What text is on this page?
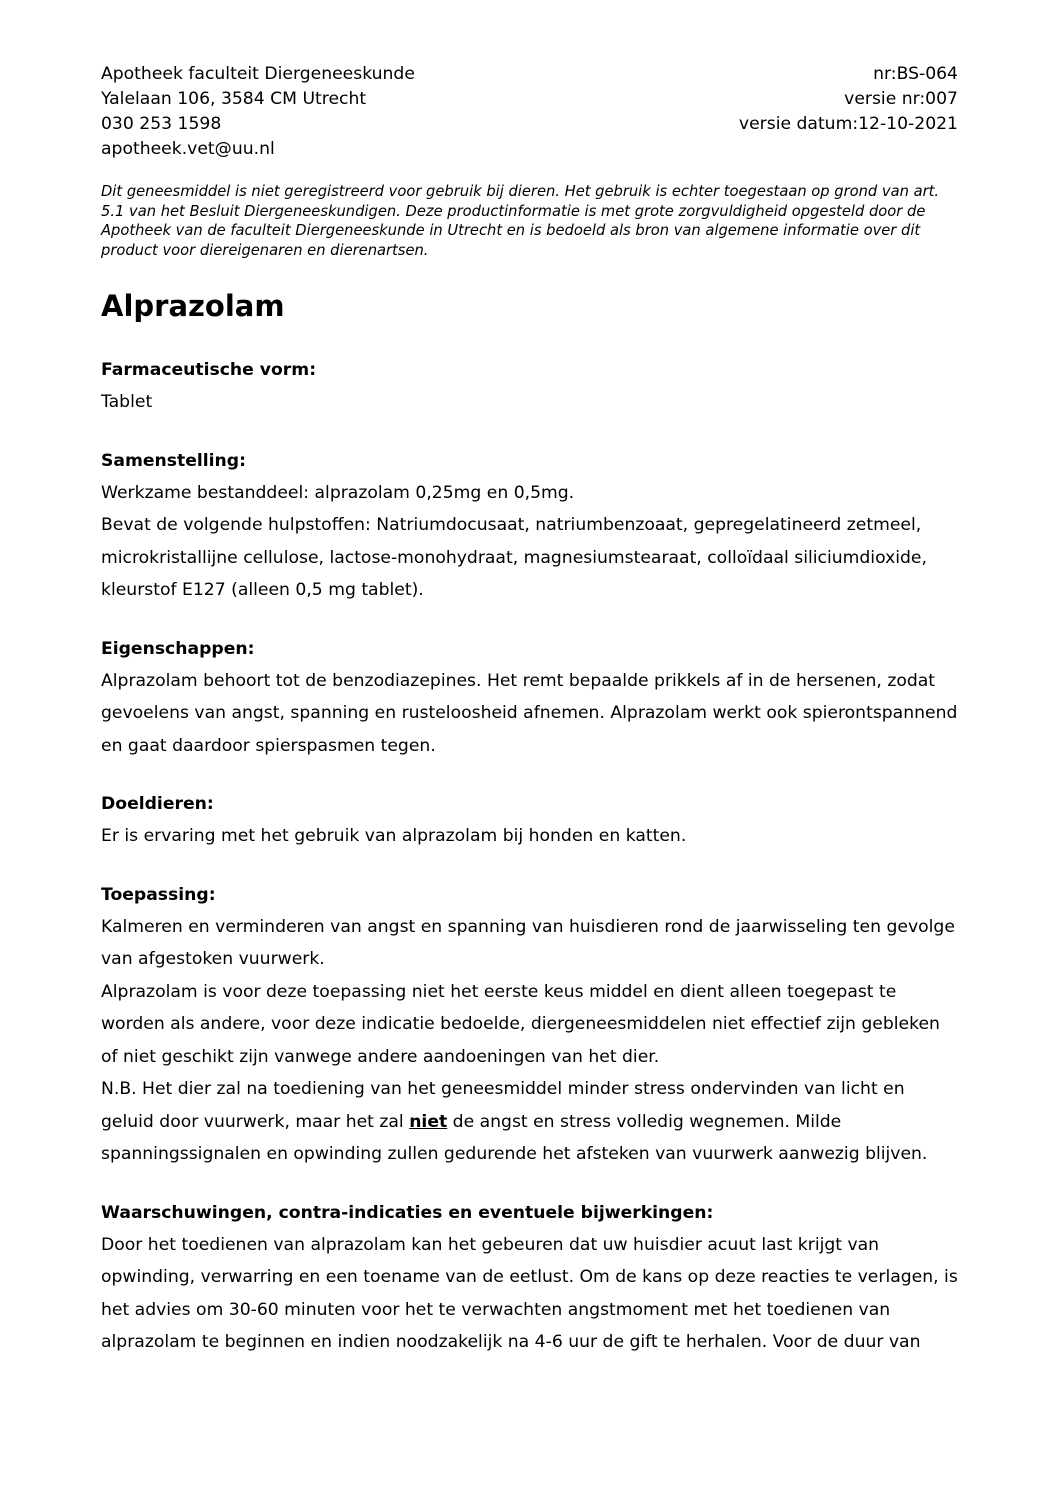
Apotheek faculteit Diergeneeskunde
Yalelaan 106, 3584 CM Utrecht
030 253 1598
apotheek.vet@uu.nl
nr:BS-064
versie nr:007
versie datum:12-10-2021

Dit geneesmiddel is niet geregistreerd voor gebruik bij dieren. Het gebruik is echter toegestaan op grond van art. 5.1 van het Besluit Diergeneeskundigen. Deze productinformatie is met grote zorgvuldigheid opgesteld door de Apotheek van de faculteit Diergeneeskunde in Utrecht en is bedoeld als bron van algemene informatie over dit product voor diereigenaren en dierenartsen.

Alprazolam
Farmaceutische vorm:

Tablet

Samenstelling:

Werkzame bestanddeel: alprazolam 0,25mg en 0,5mg.

Bevat de volgende hulpstoffen: Natriumdocusaat, natriumbenzoaat, gepregelatineerd zetmeel, microkristallijne cellulose, lactose-monohydraat, magnesiumstearaat, colloïdaal siliciumdioxide, kleurstof E127 (alleen 0,5 mg tablet).

Eigenschappen:

Alprazolam behoort tot de benzodiazepines. Het remt bepaalde prikkels af in de hersenen, zodat gevoelens van angst, spanning en rusteloosheid afnemen. Alprazolam werkt ook spierontspannend en gaat daardoor spierspasmen tegen.

Doeldieren:

Er is ervaring met het gebruik van alprazolam bij honden en katten.

Toepassing:

Kalmeren en verminderen van angst en spanning van huisdieren rond de jaarwisseling ten gevolge van afgestoken vuurwerk.

Alprazolam is voor deze toepassing niet het eerste keus middel en dient alleen toegepast te worden als andere, voor deze indicatie bedoelde, diergeneesmiddelen niet effectief zijn gebleken of niet geschikt zijn vanwege andere aandoeningen van het dier.

N.B. Het dier zal na toediening van het geneesmiddel minder stress ondervinden van licht en geluid door vuurwerk, maar het zal niet de angst en stress volledig wegnemen. Milde spanningssignalen en opwinding zullen gedurende het afsteken van vuurwerk aanwezig blijven.

Waarschuwingen, contra-indicaties en eventuele bijwerkingen:

Door het toedienen van alprazolam kan het gebeuren dat uw huisdier acuut last krijgt van opwinding, verwarring en een toename van de eetlust. Om de kans op deze reacties te verlagen, is het advies om 30-60 minuten voor het te verwachten angstmoment met het toedienen van alprazolam te beginnen en indien noodzakelijk na 4-6 uur de gift te herhalen. Voor de duur van
